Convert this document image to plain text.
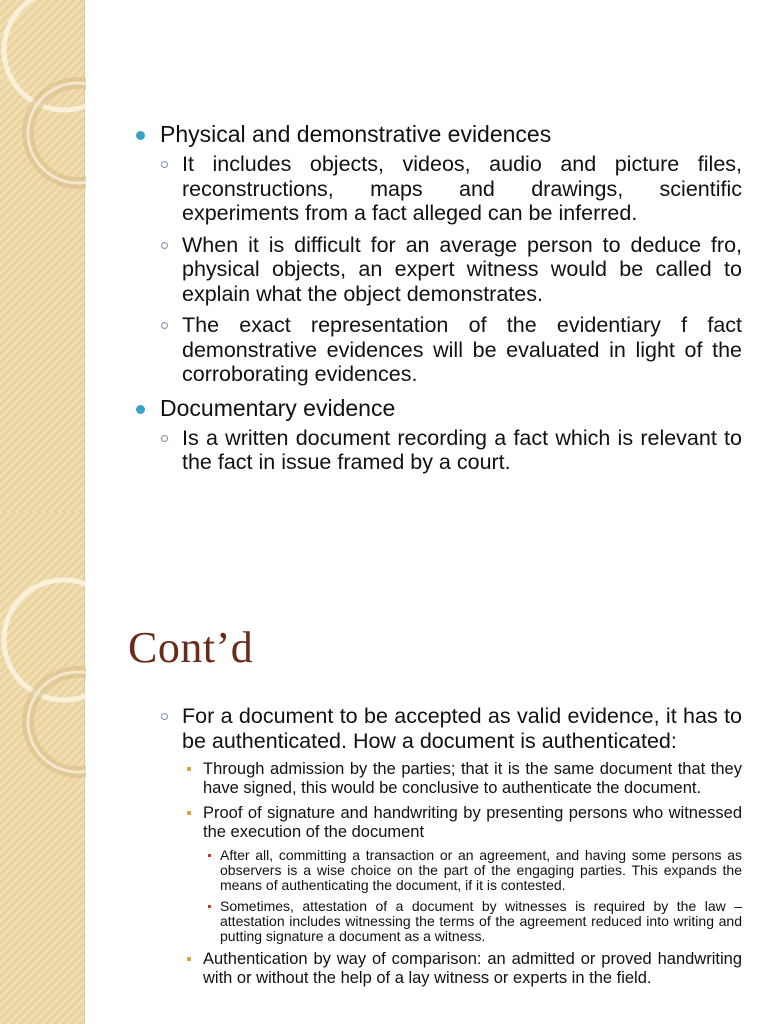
Physical and demonstrative evidences
It includes objects, videos, audio and picture files, reconstructions, maps and drawings, scientific experiments from a fact alleged can be inferred.
When it is difficult for an average person to deduce fro, physical objects, an expert witness would be called to explain what the object demonstrates.
The exact representation of the evidentiary f fact demonstrative evidences will be evaluated in light of the corroborating evidences.
Documentary evidence
Is a written document recording a fact which is relevant to the fact in issue framed by a court.
Cont’d
For a document to be accepted as valid evidence, it has to be authenticated. How a document is authenticated:
Through admission by the parties; that it is the same document that they have signed, this would be conclusive to authenticate the document.
Proof of signature and handwriting by presenting persons who witnessed the execution of the document
After all, committing a transaction or an agreement, and having some persons as observers is a wise choice on the part of the engaging parties. This expands the means of authenticating the document, if it is contested.
Sometimes, attestation of a document by witnesses is required by the law – attestation includes witnessing the terms of the agreement reduced into writing and putting signature a document as a witness.
Authentication by way of comparison: an admitted or proved handwriting with or without the help of a lay witness or experts in the field.
